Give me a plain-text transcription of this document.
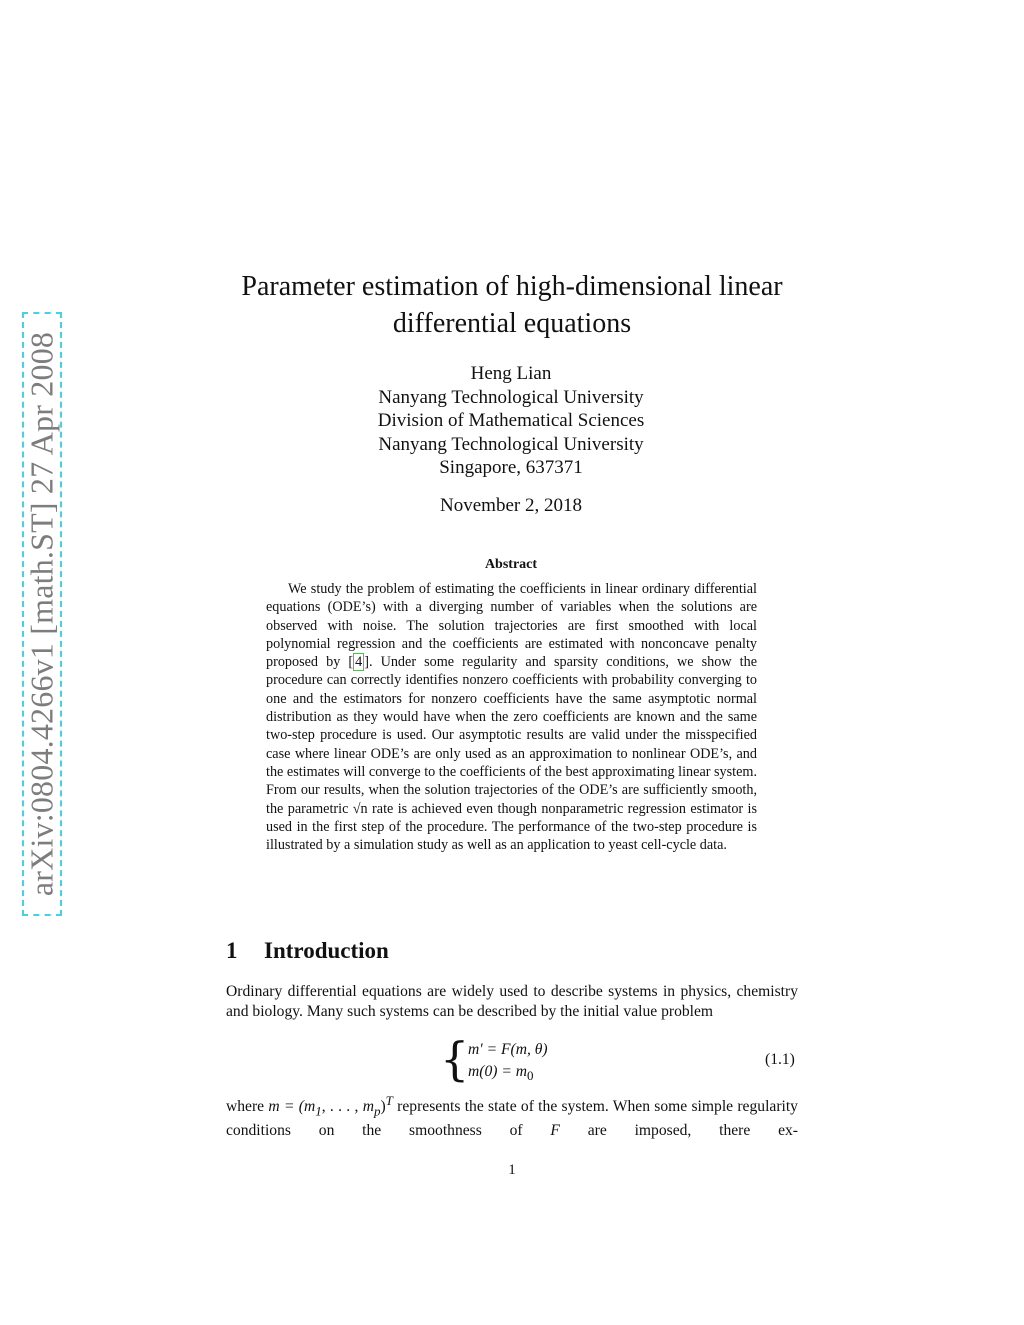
arXiv:0804.4266v1 [math.ST] 27 Apr 2008
Parameter estimation of high-dimensional linear
differential equations
Heng Lian
Nanyang Technological University
Division of Mathematical Sciences
Nanyang Technological University
Singapore, 637371
November 2, 2018
Abstract
We study the problem of estimating the coefficients in linear ordinary differential equations (ODE’s) with a diverging number of variables when the solutions are observed with noise. The solution trajectories are first smoothed with local polynomial regression and the coefficients are estimated with nonconcave penalty proposed by [ 4 ]. Under some regularity and sparsity conditions, we show the procedure can correctly identifies nonzero coefficients with probability converging to one and the estimators for nonzero coefficients have the same asymptotic normal distribution as they would have when the zero coefficients are known and the same two-step procedure is used. Our asymptotic results are valid under the misspecified case where linear ODE’s are only used as an approximation to nonlinear ODE’s, and the estimates will converge to the coefficients of the best approximating linear system. From our results, when the solution trajectories of the ODE’s are sufficiently smooth, the parametric √n rate is achieved even though nonparametric regression estimator is used in the first step of the procedure. The performance of the two-step procedure is illustrated by a simulation study as well as an application to yeast cell-cycle data.
1 Introduction
Ordinary differential equations are widely used to describe systems in physics, chemistry and biology. Many such systems can be described by the initial value problem
{
m′ = F(m, θ)
$m(0) = m_0$
(1.1)
where $m = (m_1$, . . . , $m_p)^T$ represents the state of the system. When some simple regularity conditions on the smoothness of F are imposed, there ex-
1
